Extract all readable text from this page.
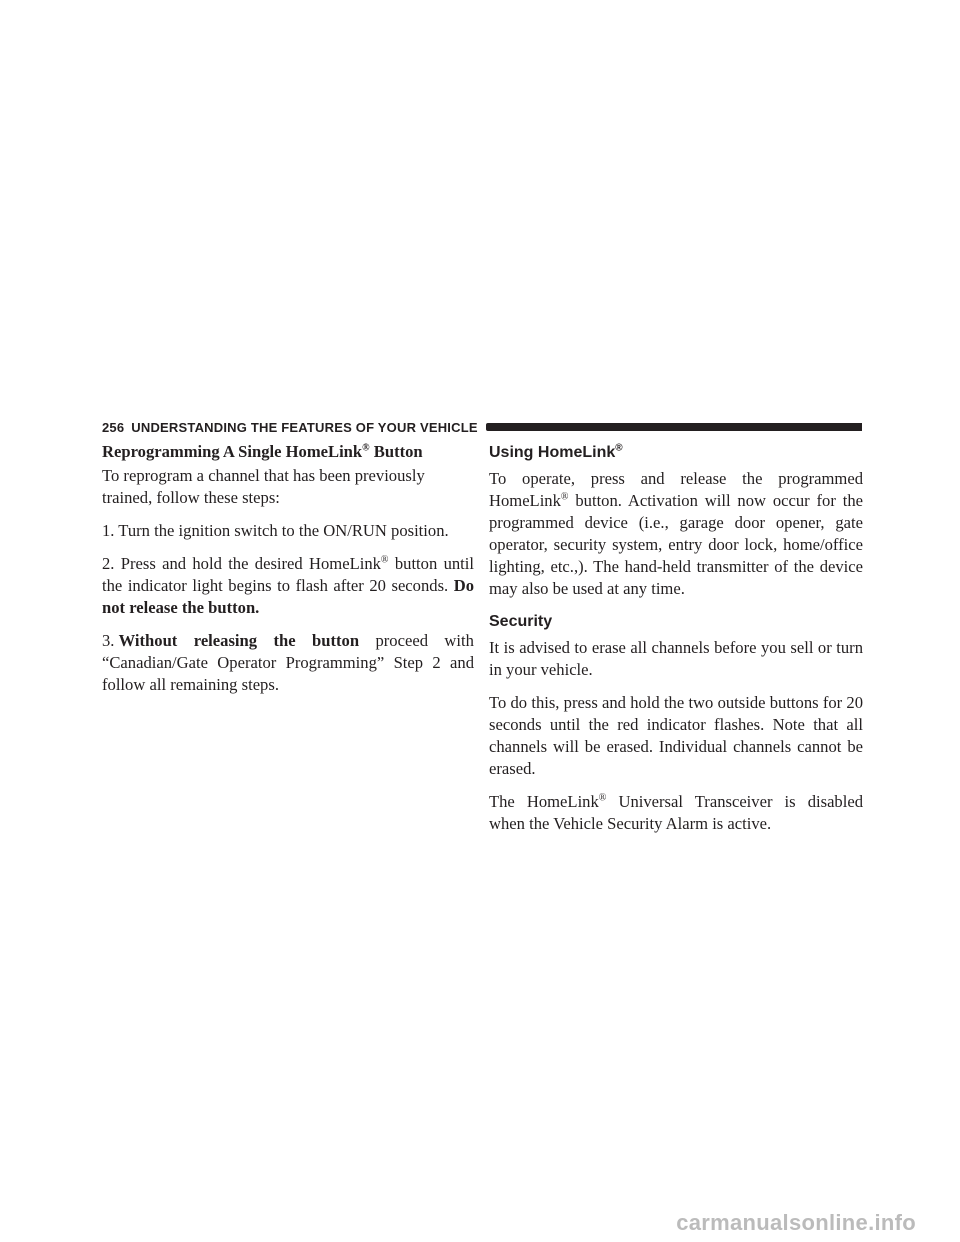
256 UNDERSTANDING THE FEATURES OF YOUR VEHICLE
Reprogramming A Single HomeLink® Button

To reprogram a channel that has been previously trained, follow these steps:

1. Turn the ignition switch to the ON/RUN position.

2. Press and hold the desired HomeLink® button until the indicator light begins to flash after 20 seconds. Do not release the button.

3. Without releasing the button proceed with
“Canadian/Gate Operator Programming” Step 2 and follow all remaining steps.

Using HomeLink®

To operate, press and release the programmed HomeLink® button. Activation will now occur for the programmed device (i.e., garage door opener, gate operator, security system, entry door lock, home/office lighting, etc.,). The hand-held transmitter of the device may also be used at any time.

Security

It is advised to erase all channels before you sell or turn in your vehicle.

To do this, press and hold the two outside buttons for 20 seconds until the red indicator flashes. Note that all channels will be erased. Individual channels cannot be erased.

The HomeLink® Universal Transceiver is disabled when the Vehicle Security Alarm is active.

carmanualsonline.info
